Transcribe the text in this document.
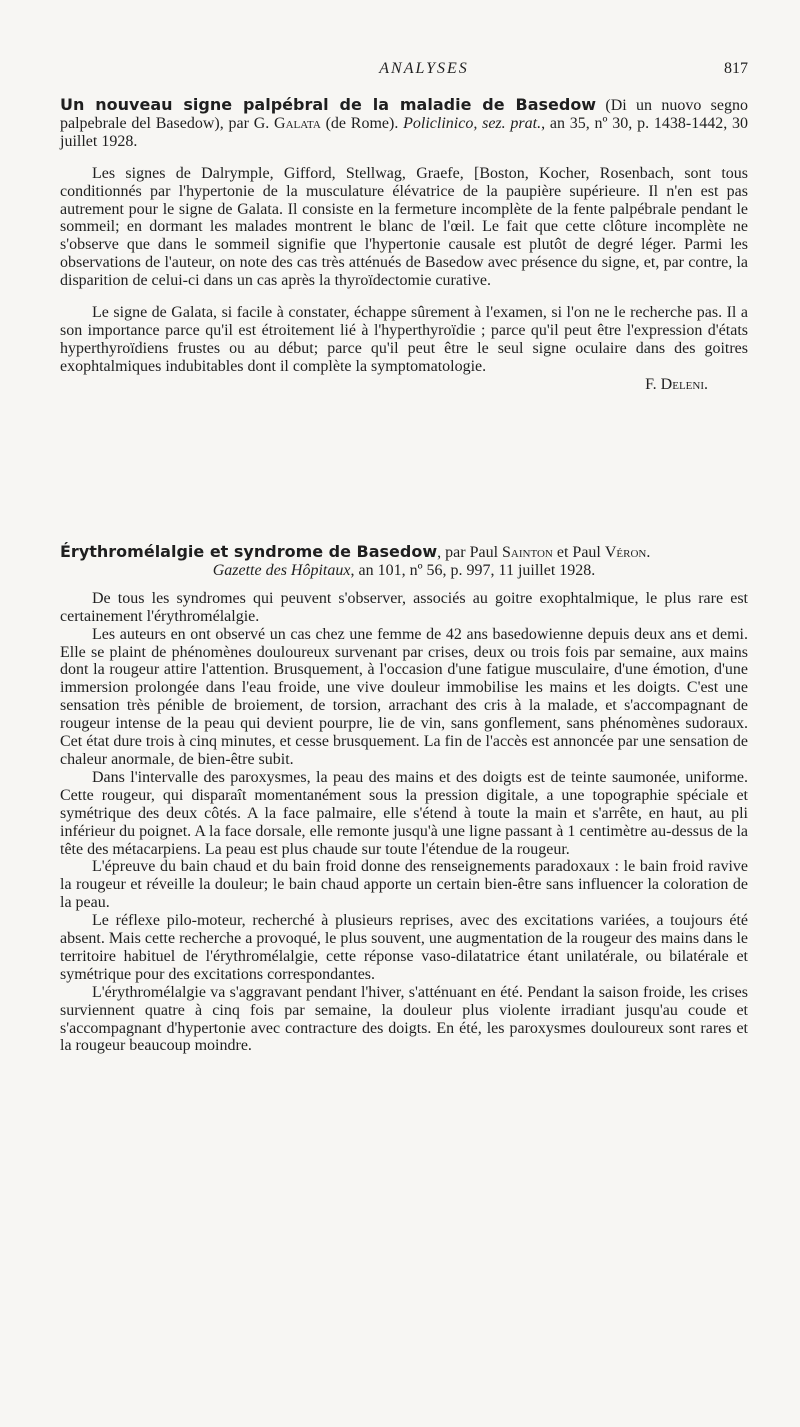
ANALYSES	817

Un nouveau signe palpébral de la maladie de Basedow (Di un nuovo segno palpebrale del Basedow), par G. Galata (de Rome). Policlinico, sez. prat., an 35, nº 30, p. 1438-1442, 30 juillet 1928.

Les signes de Dalrymple, Gifford, Stellwag, Graefe, [Boston, Kocher, Rosenbach, sont tous conditionnés par l'hypertonie de la musculature élévatrice de la paupière supérieure. Il n'en est pas autrement pour le signe de Galata. Il consiste en la fermeture incomplète de la fente palpébrale pendant le sommeil; en dormant les malades montrent le blanc de l'œil. Le fait que cette clôture incomplète ne s'observe que dans le sommeil signifie que l'hypertonie causale est plutôt de degré léger. Parmi les observations de l'auteur, on note des cas très atténués de Basedow avec présence du signe, et, par contre, la disparition de celui-ci dans un cas après la thyroïdectomie curative.

Le signe de Galata, si facile à constater, échappe sûrement à l'examen, si l'on ne le recherche pas. Il a son importance parce qu'il est étroitement lié à l'hyperthyroïdie ; parce qu'il peut être l'expression d'états hyperthyroïdiens frustes ou au début; parce qu'il peut être le seul signe oculaire dans des goitres exophtalmiques indubitables dont il complète la symptomatologie.

F. Deleni.

Érythromélalgie et syndrome de Basedow, par Paul Sainton et Paul Véron.

Gazette des Hôpitaux, an 101, nº 56, p. 997, 11 juillet 1928.

De tous les syndromes qui peuvent s'observer, associés au goitre exophtalmique, le plus rare est certainement l'érythromélalgie.

Les auteurs en ont observé un cas chez une femme de 42 ans basedowienne depuis deux ans et demi. Elle se plaint de phénomènes douloureux survenant par crises, deux ou trois fois par semaine, aux mains dont la rougeur attire l'attention. Brusquement, à l'occasion d'une fatigue musculaire, d'une émotion, d'une immersion prolongée dans l'eau froide, une vive douleur immobilise les mains et les doigts. C'est une sensation très pénible de broiement, de torsion, arrachant des cris à la malade, et s'accompagnant de rougeur intense de la peau qui devient pourpre, lie de vin, sans gonflement, sans phénomènes sudoraux. Cet état dure trois à cinq minutes, et cesse brusquement. La fin de l'accès est annoncée par une sensation de chaleur anormale, de bien-être subit.

Dans l'intervalle des paroxysmes, la peau des mains et des doigts est de teinte saumonée, uniforme. Cette rougeur, qui disparaît momentanément sous la pression digitale, a une topographie spéciale et symétrique des deux côtés. A la face palmaire, elle s'étend à toute la main et s'arrête, en haut, au pli inférieur du poignet. A la face dorsale, elle remonte jusqu'à une ligne passant à 1 centimètre au-dessus de la tête des métacarpiens. La peau est plus chaude sur toute l'étendue de la rougeur.

L'épreuve du bain chaud et du bain froid donne des renseignements paradoxaux : le bain froid ravive la rougeur et réveille la douleur; le bain chaud apporte un certain bien-être sans influencer la coloration de la peau.

Le réflexe pilo-moteur, recherché à plusieurs reprises, avec des excitations variées, a toujours été absent. Mais cette recherche a provoqué, le plus souvent, une augmentation de la rougeur des mains dans le territoire habituel de l'érythromélalgie, cette réponse vaso-dilatatrice étant unilatérale, ou bilatérale et symétrique pour des excitations correspondantes.

L'érythromélalgie va s'aggravant pendant l'hiver, s'atténuant en été. Pendant la saison froide, les crises surviennent quatre à cinq fois par semaine, la douleur plus violente irradiant jusqu'au coude et s'accompagnant d'hypertonie avec contracture des doigts. En été, les paroxysmes douloureux sont rares et la rougeur beaucoup moindre.
